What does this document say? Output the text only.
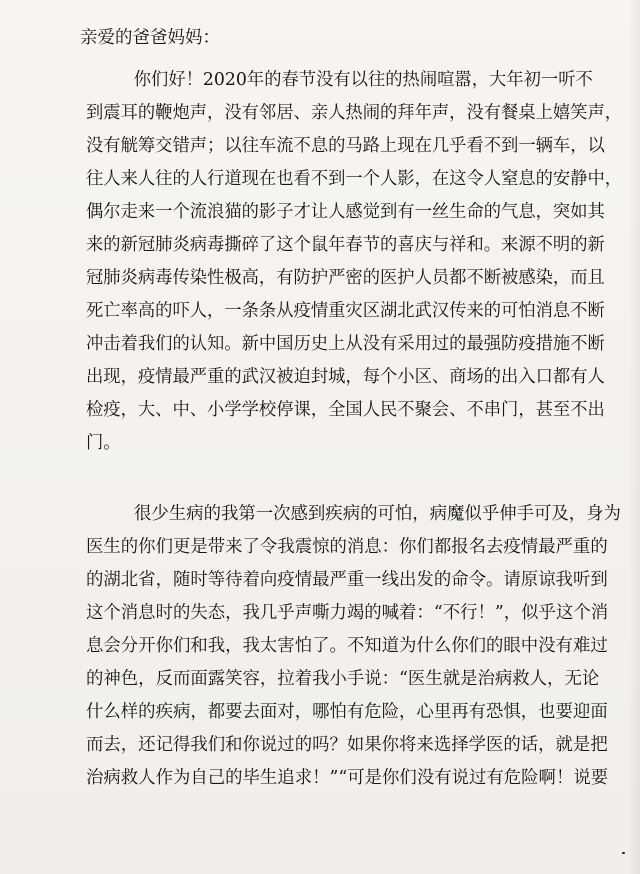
亲爱的爸爸妈妈：

你们好！2020年的春节没有以往的热闹喧嚣，大年初一听不
到震耳的鞭炮声，没有邻居、亲人热闹的拜年声，没有餐桌上嬉笑声，
没有觥筹交错声；以往车流不息的马路上现在几乎看不到一辆车，以
往人来人往的人行道现在也看不到一个人影，在这令人窒息的安静中，
偶尔走来一个流浪猫的影子才让人感觉到有一丝生命的气息，突如其
来的新冠肺炎病毒撕碎了这个鼠年春节的喜庆与祥和。来源不明的新
冠肺炎病毒传染性极高，有防护严密的医护人员都不断被感染，而且
死亡率高的吓人，一条条从疫情重灾区湖北武汉传来的可怕消息不断
冲击着我们的认知。新中国历史上从没有采用过的最强防疫措施不断
出现，疫情最严重的武汉被迫封城，每个小区、商场的出入口都有人
检疫，大、中、小学学校停课，全国人民不聚会、不串门，甚至不出
门。
很少生病的我第一次感到疾病的可怕，病魔似乎伸手可及，身为
医生的你们更是带来了令我震惊的消息：你们都报名去疫情最严重的
的湖北省，随时等待着向疫情最严重一线出发的命令。请原谅我听到
这个消息时的失态，我几乎声嘶力竭的喊着：“不行！”，似乎这个消
息会分开你们和我，我太害怕了。不知道为什么你们的眼中没有难过
的神色，反而面露笑容，拉着我小手说：“医生就是治病救人，无论
什么样的疾病，都要去面对，哪怕有危险，心里再有恐惧，也要迎面
而去，还记得我们和你说过的吗？如果你将来选择学医的话，就是把
治病救人作为自己的毕生追求！”“可是你们没有说过有危险啊！说要
